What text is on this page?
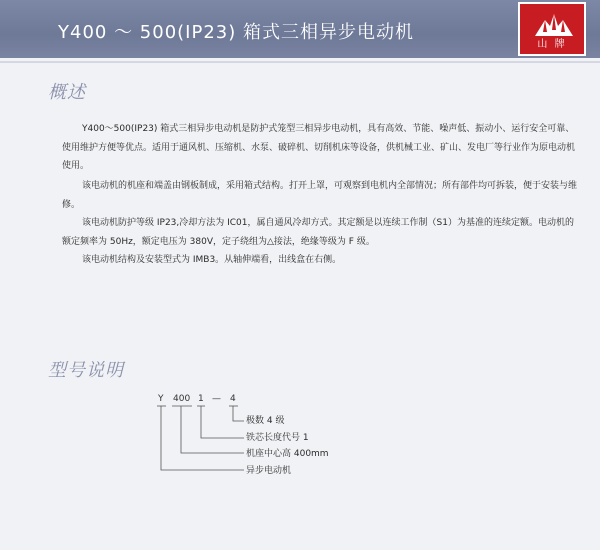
Y400 ～ 500(IP23) 箱式三相异步电动机
山 牌
概述
Y400～500(IP23) 箱式三相异步电动机是防护式笼型三相异步电动机，具有高效、节能、噪声低、振动小、运行安全可靠、使用维护方便等优点。适用于通风机、压缩机、水泵、破碎机、切削机床等设备，供机械工业、矿山、发电厂等行业作为原电动机使用。
该电动机的机座和端盖由钢板制成，采用箱式结构。打开上罩，可观察到电机内全部情况；所有部件均可拆装，便于安装与维修。
该电动机防护等级 IP23,冷却方法为 IC01，属自通风冷却方式。其定额是以连续工作制（S1）为基准的连续定额。电动机的额定频率为 50Hz，额定电压为 380V，定子绕组为△接法，绝缘等级为 F 级。
该电动机结构及安装型式为 IMB3。从轴伸端看，出线盒在右侧。
型号说明
Y 400 1 — 4
极数 4 级
铁芯长度代号 1
机座中心高 400mm
异步电动机
